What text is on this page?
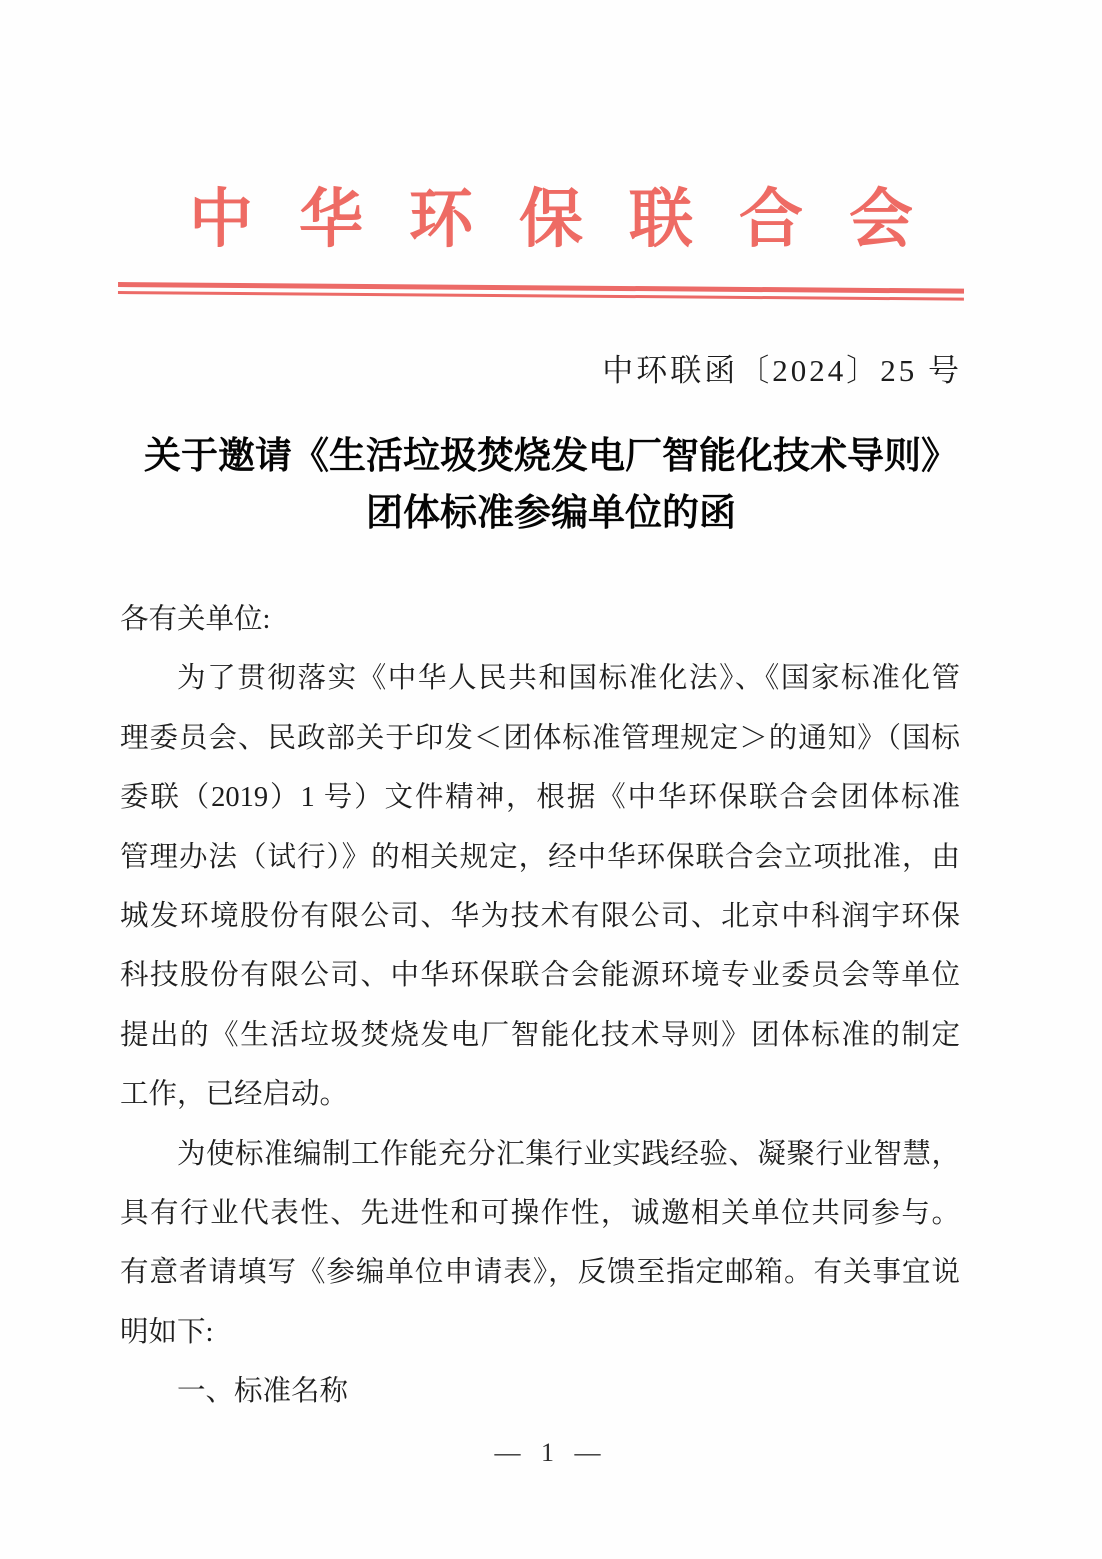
中华环保联合会
中环联函〔2024〕25 号
关于邀请《生活垃圾焚烧发电厂智能化技术导则》
团体标准参编单位的函
各有关单位:
为了贯彻落实《中华人民共和国标准化法》、《国家标准化管
理委员会、民政部关于印发＜团体标准管理规定＞的通知》（国标
委联（2019）1 号）文件精神，根据《中华环保联合会团体标准
管理办法（试行）》的相关规定，经中华环保联合会立项批准，由
城发环境股份有限公司、华为技术有限公司、北京中科润宇环保
科技股份有限公司、中华环保联合会能源环境专业委员会等单位
提出的《生活垃圾焚烧发电厂智能化技术导则》团体标准的制定
工作，已经启动。
为使标准编制工作能充分汇集行业实践经验、凝聚行业智慧，
具有行业代表性、先进性和可操作性，诚邀相关单位共同参与。
有意者请填写《参编单位申请表》，反馈至指定邮箱。有关事宜说
明如下:
一、标准名称
— 1 —
